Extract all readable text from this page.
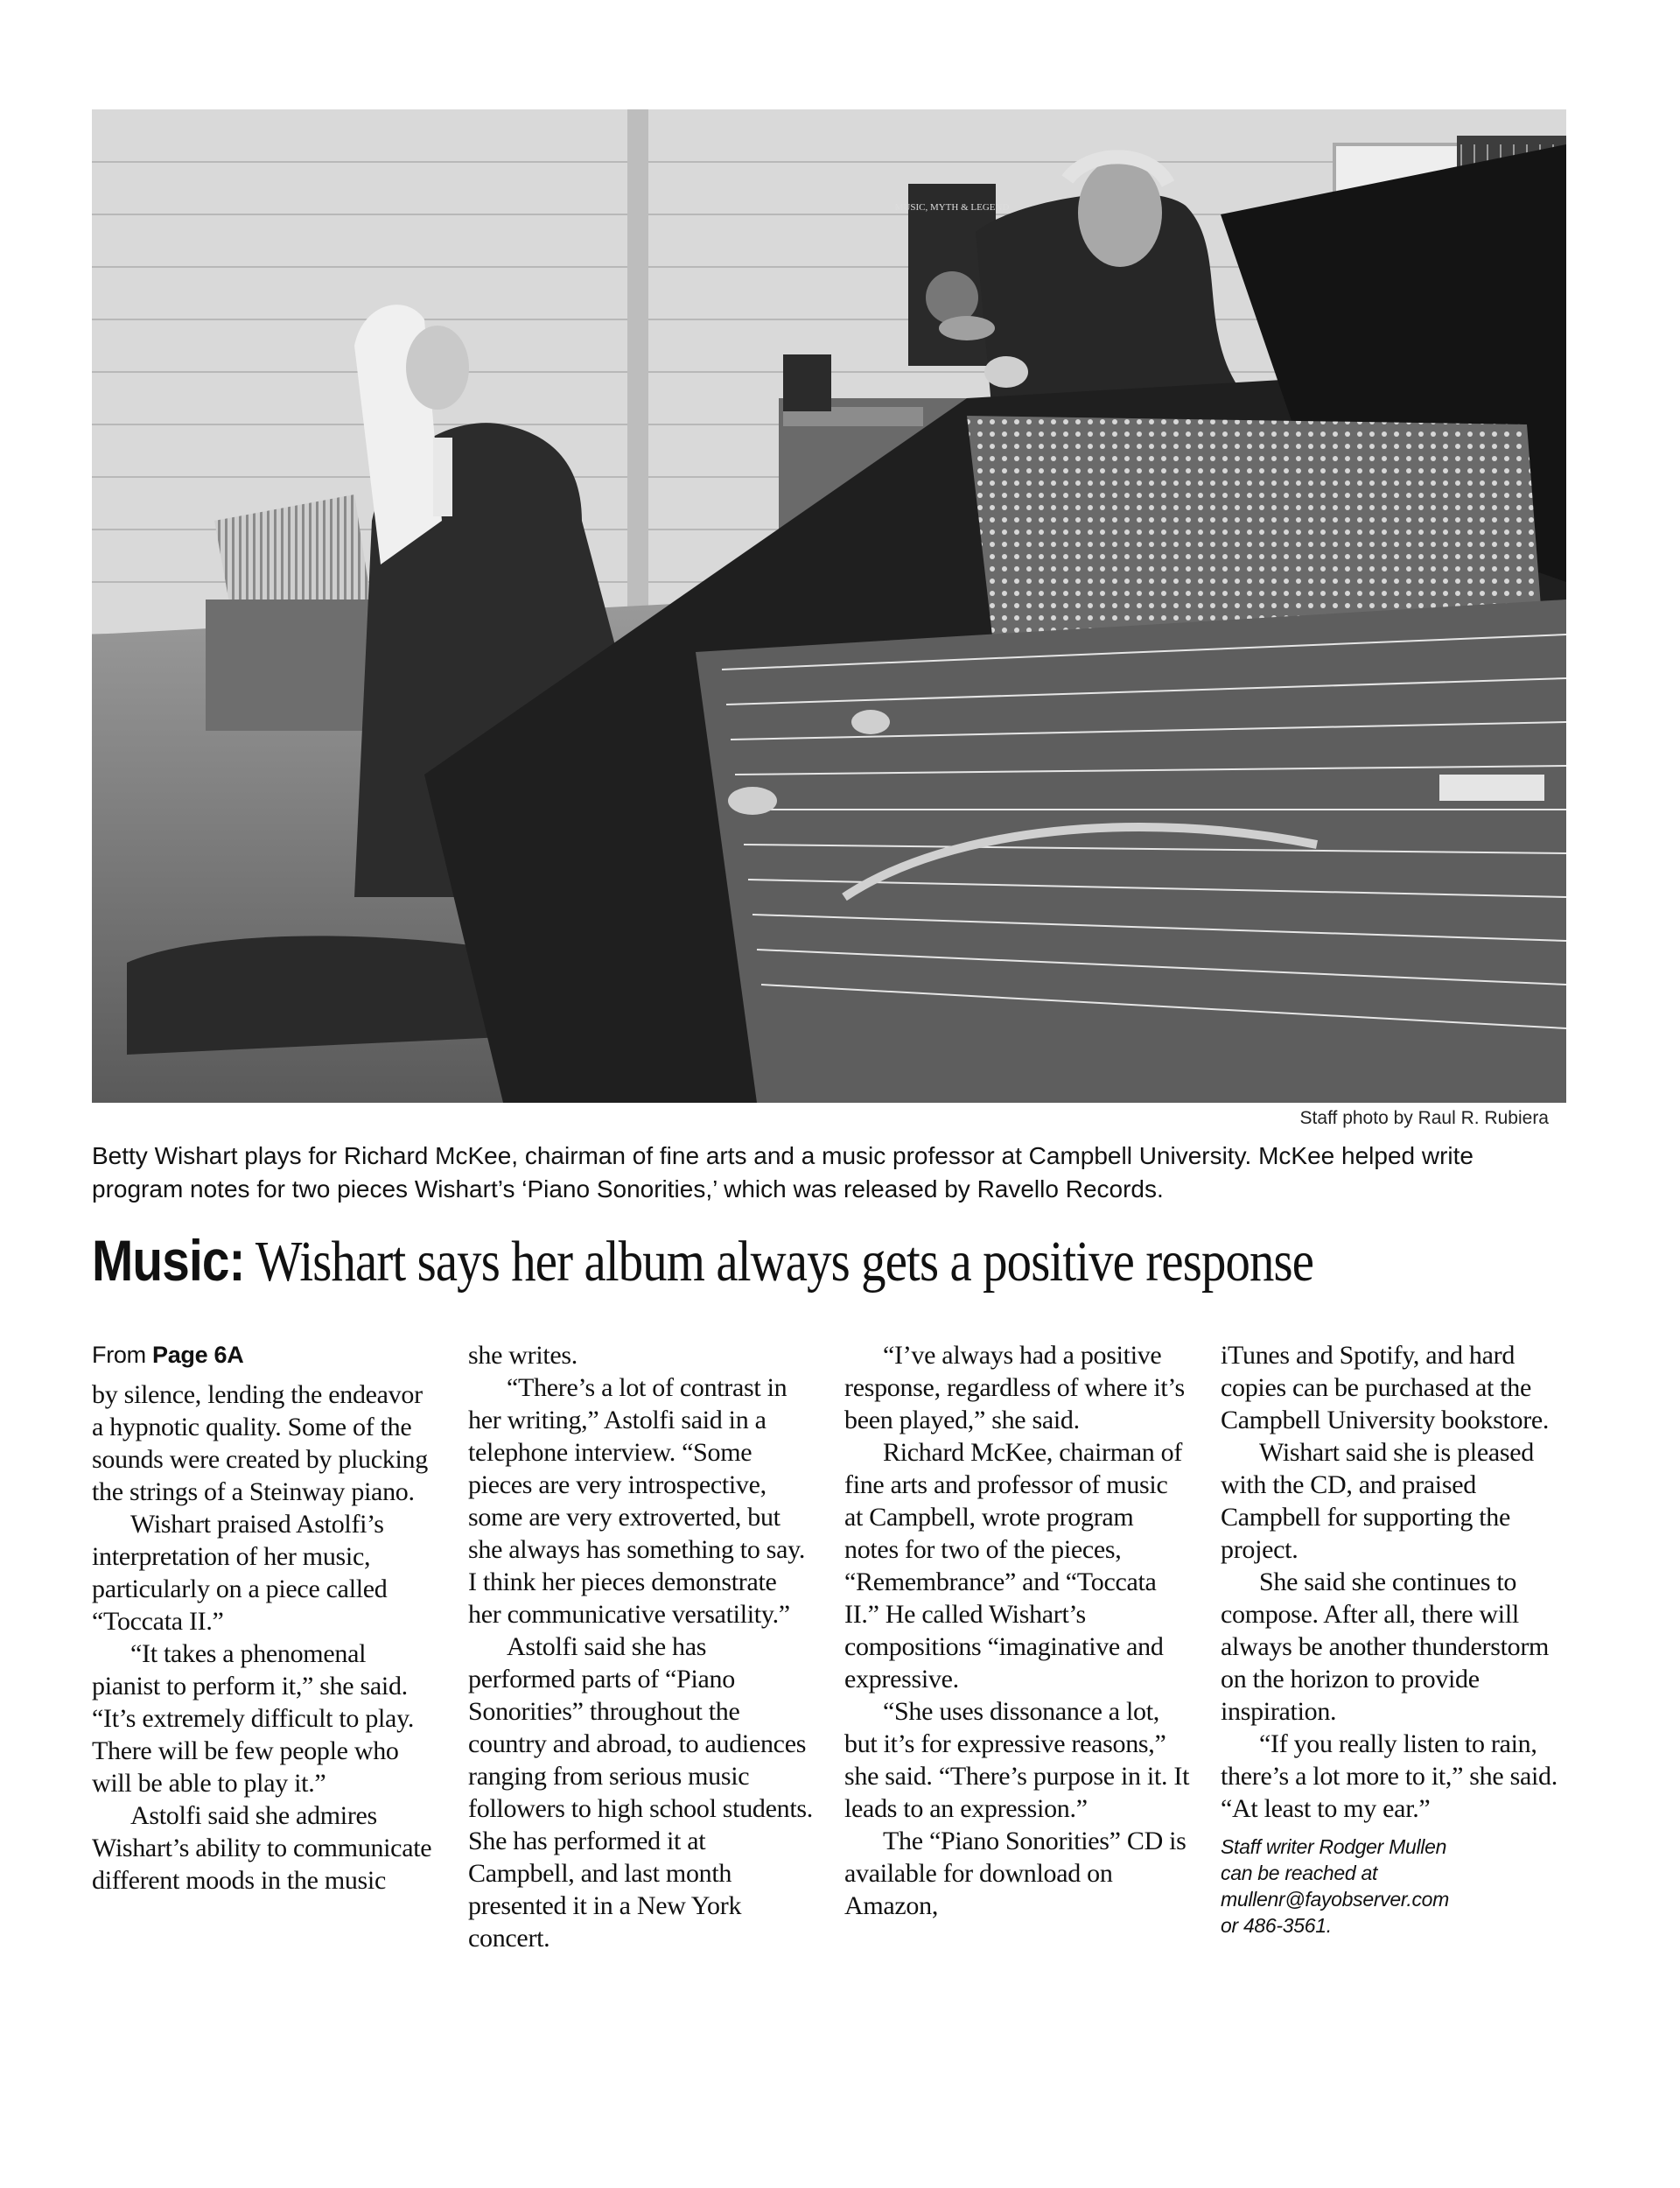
MUSIC, MYTH & LEGEND
Staff photo by Raul R. Rubiera
Betty Wishart plays for Richard McKee, chairman of fine arts and a music professor at Campbell University. McKee helped write program notes for two pieces Wishart’s ‘Piano Sonorities,’ which was released by Ravello Records.
Music: Wishart says her album always gets a positive response
From Page 6A

by silence, lending the endeavor a hypnotic quality. Some of the sounds were created by plucking the strings of a Steinway piano.

Wishart praised Astolfi’s interpretation of her music, particularly on a piece called “Toccata II.”

“It takes a phenomenal pianist to perform it,” she said. “It’s extremely difficult to play. There will be few people who will be able to play it.”

Astolfi said she admires Wishart’s ability to communicate different moods in the music

she writes.

“There’s a lot of contrast in her writing,” Astolfi said in a telephone interview. “Some pieces are very introspective, some are very extroverted, but she always has something to say. I think her pieces demonstrate her communicative versatility.”

Astolfi said she has performed parts of “Piano Sonorities” throughout the country and abroad, to audiences ranging from serious music followers to high school students. She has performed it at Campbell, and last month presented it in a New York concert.

“I’ve always had a positive response, regardless of where it’s been played,” she said.

Richard McKee, chairman of fine arts and professor of music at Campbell, wrote program notes for two of the pieces, “Remembrance” and “Toccata II.” He called Wishart’s compositions “imaginative and expressive.

“She uses dissonance a lot, but it’s for expressive reasons,” she said. “There’s purpose in it. It leads to an expression.”

The “Piano Sonorities” CD is available for download on Amazon,

iTunes and Spotify, and hard copies can be purchased at the Campbell University bookstore.

Wishart said she is pleased with the CD, and praised Campbell for supporting the project.

She said she continues to compose. After all, there will always be another thunderstorm on the horizon to provide inspiration.

“If you really listen to rain, there’s a lot more to it,” she said. “At least to my ear.”

Staff writer Rodger Mullen
can be reached at
mullenr@fayobserver.com
or 486-3561.
